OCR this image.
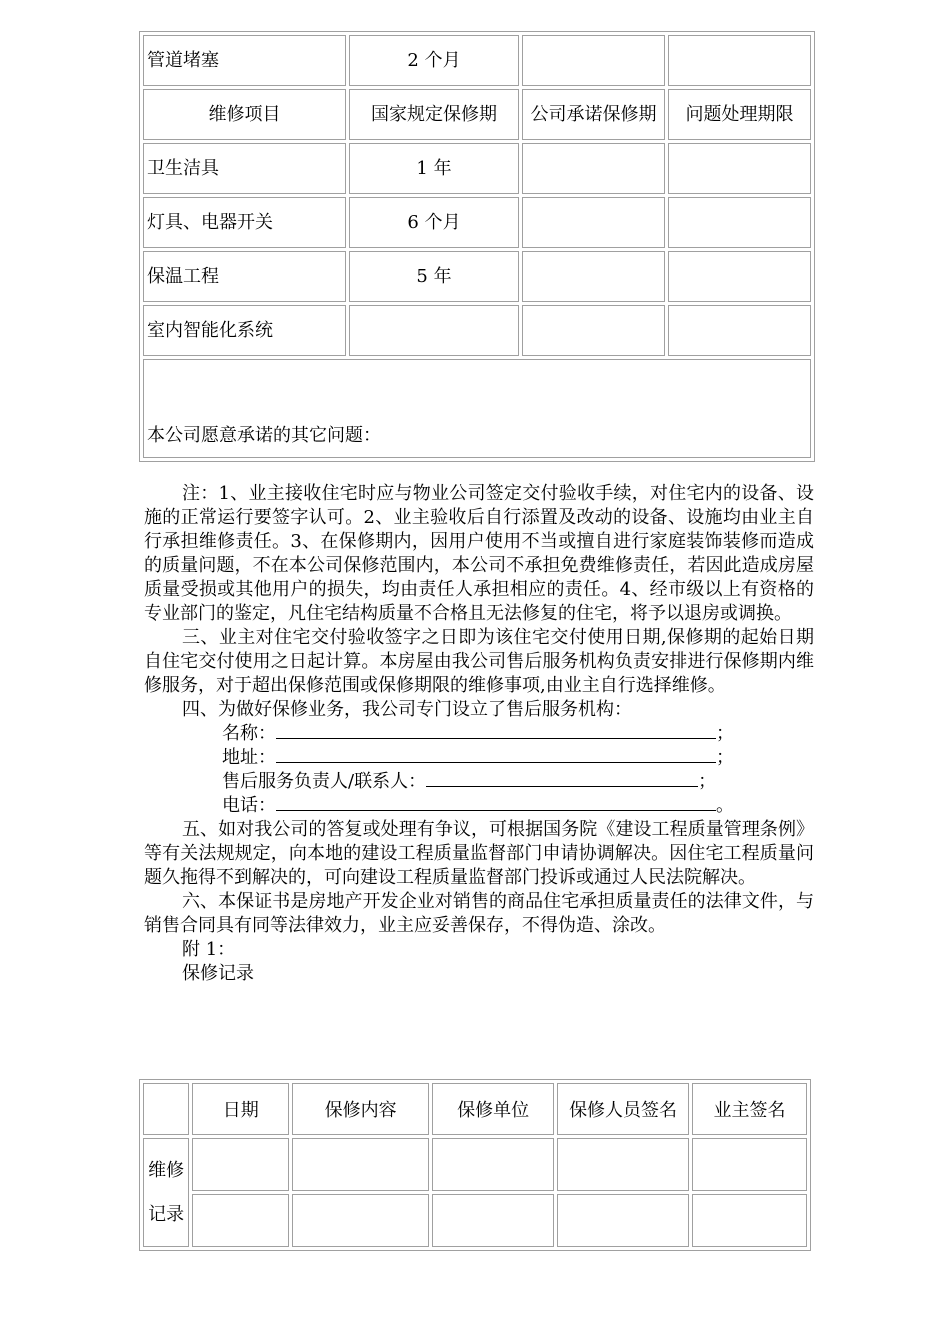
管道堵塞	2 个月		
维修项目	国家规定保修期	公司承诺保修期	问题处理期限
卫生洁具	1 年		
灯具、电器开关	6 个月		
保温工程	5 年		
室内智能化系统			
本公司愿意承诺的其它问题：			

注：1、业主接收住宅时应与物业公司签定交付验收手续，对住宅内的设备、设施的正常运行要签字认可。2、业主验收后自行添置及改动的设备、设施均由业主自行承担维修责任。3、在保修期内，因用户使用不当或擅自进行家庭装饰装修而造成的质量问题，不在本公司保修范围内，本公司不承担免费维修责任，若因此造成房屋质量受损或其他用户的损失，均由责任人承担相应的责任。4、经市级以上有资格的专业部门的鉴定，凡住宅结构质量不合格且无法修复的住宅，将予以退房或调换。

三、业主对住宅交付验收签字之日即为该住宅交付使用日期,保修期的起始日期自住宅交付使用之日起计算。本房屋由我公司售后服务机构负责安排进行保修期内维修服务，对于超出保修范围或保修期限的维修事项,由业主自行选择维修。

四、为做好保修业务，我公司专门设立了售后服务机构：

名称：	；
地址：	；
售后服务负责人/联系人：	；
电话：	。

五、如对我公司的答复或处理有争议，可根据国务院《建设工程质量管理条例》等有关法规规定，向本地的建设工程质量监督部门申请协调解决。因住宅工程质量问题久拖得不到解决的，可向建设工程质量监督部门投诉或通过人民法院解决。

六、本保证书是房地产开发企业对销售的商品住宅承担质量责任的法律文件，与销售合同具有同等法律效力，业主应妥善保存，不得伪造、涂改。

附 1：
保修记录
	日期	保修内容	保修单位	保修人员签名	业主签名

维修
记录					
